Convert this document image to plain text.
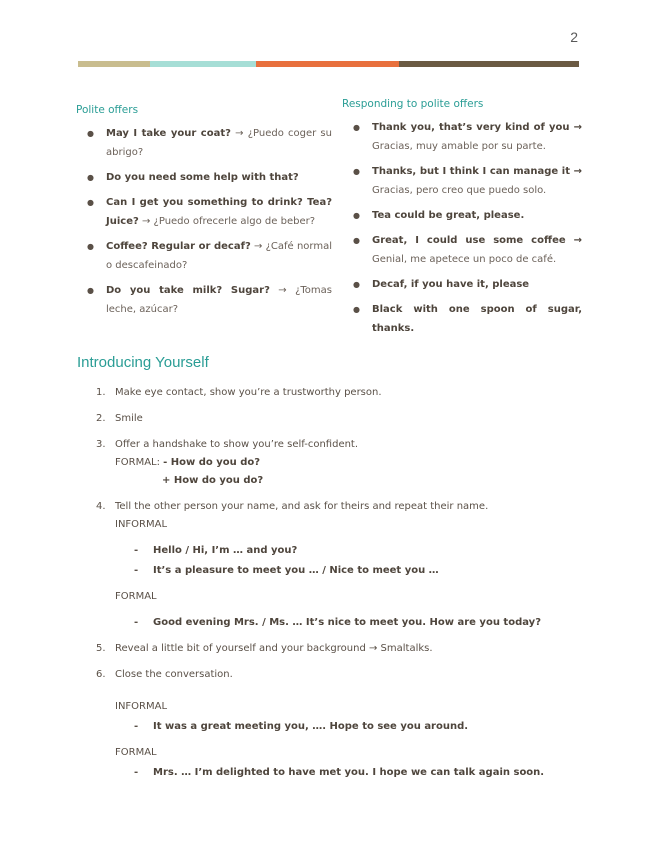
2
Polite offers
● May I take your coat? → ¿Puedo coger su abrigo?
● Do you need some help with that?
● Can I get you something to drink? Tea? Juice? → ¿Puedo ofrecerle algo de beber?
● Coffee? Regular or decaf? → ¿Café normal o descafeinado?
● Do you take milk? Sugar? → ¿Tomas leche, azúcar?
Responding to polite offers
● Thank you, that’s very kind of you → Gracias, muy amable por su parte.
● Thanks, but I think I can manage it → Gracias, pero creo que puedo solo.
● Tea could be great, please.
● Great, I could use some coffee → Genial, me apetece un poco de café.
● Decaf, if you have it, please
● Black with one spoon of sugar, thanks.
Introducing Yourself
1. Make eye contact, show you’re a trustworthy person.
2. Smile
3. Offer a handshake to show you’re self-confident.
FORMAL: - How do you do?
+ How do you do?
4. Tell the other person your name, and ask for theirs and repeat their name.
INFORMAL
- Hello / Hi, I’m … and you?
- It’s a pleasure to meet you … / Nice to meet you …
FORMAL
- Good evening Mrs. / Ms. … It’s nice to meet you. How are you today?
5. Reveal a little bit of yourself and your background → Smaltalks.
6. Close the conversation.
INFORMAL
- It was a great meeting you, …. Hope to see you around.
FORMAL
- Mrs. … I’m delighted to have met you. I hope we can talk again soon.
